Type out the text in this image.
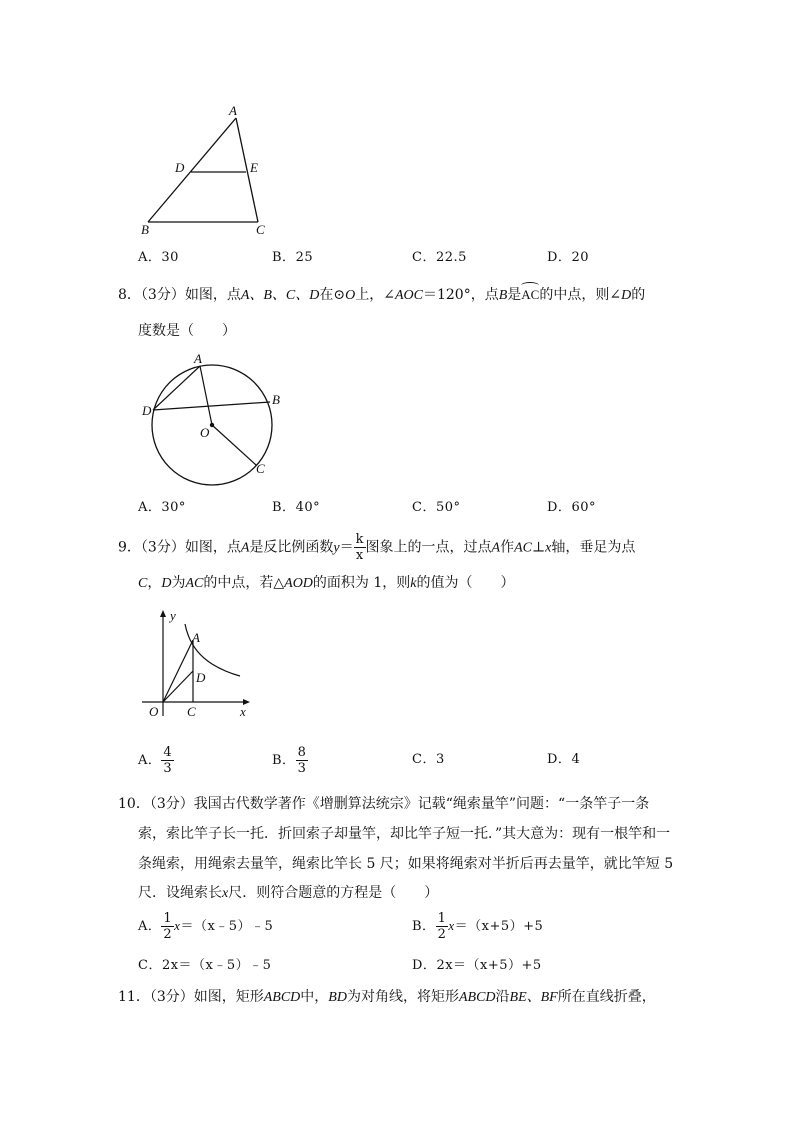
A
D	E
B	C
A．30	B．25	C．22.5	D．20
8．（3分）如图，点A、B、C、D在⊙O上，∠AOC＝120°，点B是AC的中点，则∠D的
度数是（　　）
A
B
D
O
C
A．30°	B．40°	C．50°	D．60°
9．（3分）如图，点A是反比例函数$y= \frac{k}{x}$ 图象上的一点，过点A作AC⊥x轴，垂足为点
C，D为AC的中点，若△AOD的面积为 1，则k的值为（　　）
y
A
D
O C	x
A． $\frac{4}{3}$	B． $\frac{8}{3}$	C．3	D．4
10．（3分）我国古代数学著作《增删算法统宗》记载“绳索量竿”问题：“一条竿子一条
索，索比竿子长一托．折回索子却量竿，却比竿子短一托．”其大意为：现有一根竿和一
条绳索，用绳索去量竿，绳索比竿长 5 尺；如果将绳索对半折后再去量竿，就比竿短 5
尺．设绳索长x尺．则符合题意的方程是（　　）
A． $\frac{1}{2}$ x＝（x﹣5）﹣5	B． $\frac{1}{2} x=(x+5)+5$
C．2x＝（x﹣5）﹣5	D．2x＝（x+5）+5
11．（3分）如图，矩形ABCD中，BD为对角线，将矩形ABCD沿BE、BF所在直线折叠，
